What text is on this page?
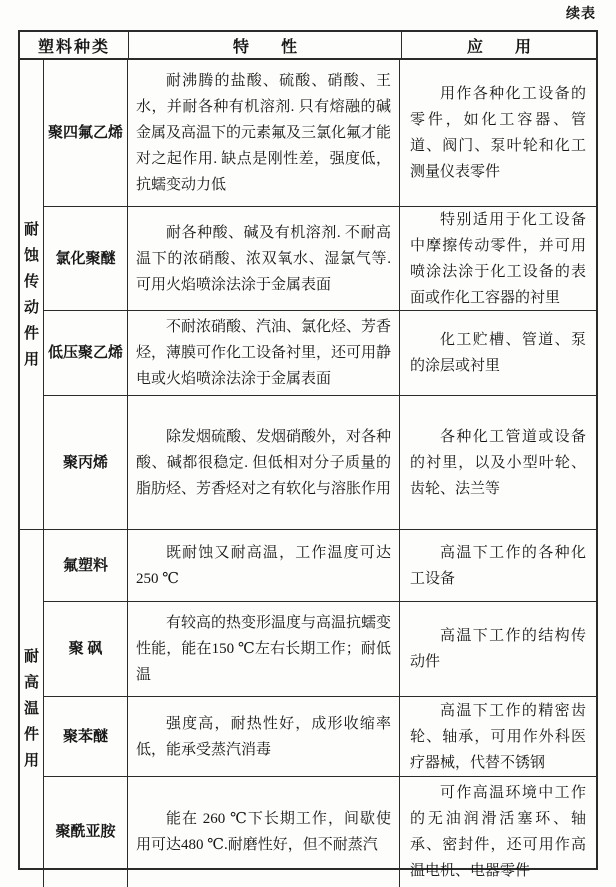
续表
塑料种类	特 性	应 用
耐蚀传动件用
聚四氟乙烯

耐沸腾的盐酸、硫酸、硝酸、王水，并耐各种有机溶剂. 只有熔融的碱金属及高温下的元素氟及三氯化氟才能对之起作用. 缺点是刚性差，强度低，抗蠕变动力低

用作各种化工设备的零件，如化工容器、管道、阀门、泵叶轮和化工测量仪表零件

氯化聚醚

耐各种酸、碱及有机溶剂. 不耐高温下的浓硝酸、浓双氧水、湿氯气等. 可用火焰喷涂法涂于金属表面

特别适用于化工设备中摩擦传动零件，并可用喷涂法涂于化工设备的表面或作化工容器的衬里

低压聚乙烯

不耐浓硝酸、汽油、氯化烃、芳香烃，薄膜可作化工设备衬里，还可用静电或火焰喷涂法涂于金属表面

化工贮槽、管道、泵的涂层或衬里

聚丙烯

除发烟硫酸、发烟硝酸外，对各种酸、碱都很稳定. 但低相对分子质量的脂肪烃、芳香烃对之有软化与溶胀作用

各种化工管道或设备的衬里，以及小型叶轮、齿轮、法兰等

耐高温件用
氟塑料

既耐蚀又耐高温，工作温度可达250 ℃

高温下工作的各种化工设备

聚 砜

有较高的热变形温度与高温抗蠕变性能，能在150 ℃左右长期工作；耐低温

高温下工作的结构传动件

聚苯醚

强度高，耐热性好，成形收缩率低，能承受蒸汽消毒

高温下工作的精密齿轮、轴承，可用作外科医疗器械，代替不锈钢

聚酰亚胺

能在 260 ℃下长期工作，间歇使用可达480 ℃.耐磨性好，但不耐蒸汽

可作高温环境中工作的无油润滑活塞环、轴承、密封件，还可用作高温电机、电器零件
